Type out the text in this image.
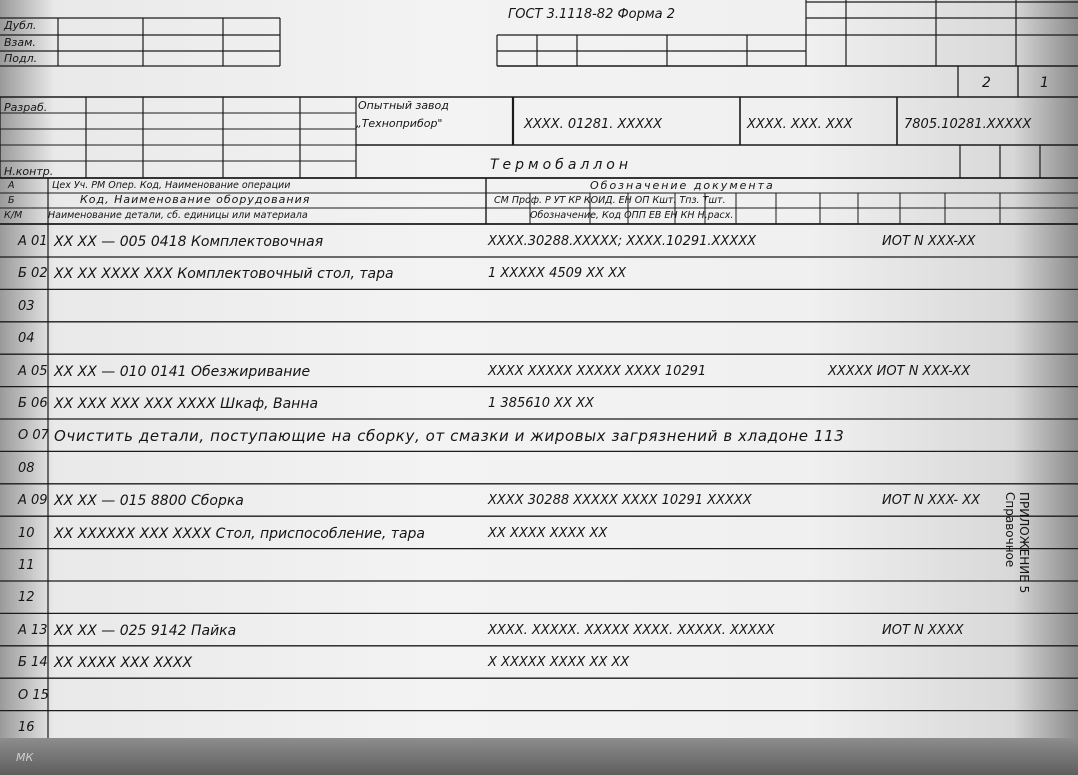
Дубл.
Взам.
Подл.
ГОСТ 3.1118-82 Форма 2
2	1
Разраб.
Н.контр.
Опытный завод
„Технoприбор"	XXXX. 01281. XXXXX	XXXX. XXX. XXX	7805.10281.XXXXX
Термобаллон
А	Цех Уч. РМ Опер. Код, Наименование операции	Обозначение документа
Б	Код, Наименование оборудования	СМ Проф. Р УТ КР КОИД. ЕН ОП Кшт. Тпз. Тшт.
К/М	Наименование детали, сб. единицы или материала	Обозначение, Код ОПП ЕВ ЕН КН Н.расх.
А 01 XX XX — 005 0418 Комплектовочная	XXXX.30288.XXXXX; XXXX.10291.XXXXX	ИОТ N XXX-XX
Б 02 XX XX XXXX XXX Комплектовочный стол, тара	1 XXXXX 4509 XX XX
03
04
А 05 XX XX — 010 0141 Обезжиривание	XXXX XXXXX XXXXX XXXX 10291	XXXXX ИОТ N XXX-XX
Б 06 XX XXX XXX XXX XXXX Шкаф, Ванна	1 385610 XX XX
О 07 Очистить детали, поступающие на сборку, от смазки и жировых загрязнений в хладоне 113
08
А 09 XX XX — 015 8800 Сборка	XXXX 30288 XXXXX XXXX 10291 XXXXX	ИОТ N XXX- XX
10 XX XXXXXX XXX XXXX Стол, приспособление, тара	XX XXXX XXXX XX
11
12
А 13 XX XX — 025 9142 Пайка	XXXX. XXXXX. XXXXX XXXX. XXXXX. XXXXX	ИОТ N XXXX
Б 14 XX XXXX XXX XXXX	X XXXXX XXXX XX XX
О 15
16
ПРИЛОЖЕНИЕ 5
Справочное
МК
